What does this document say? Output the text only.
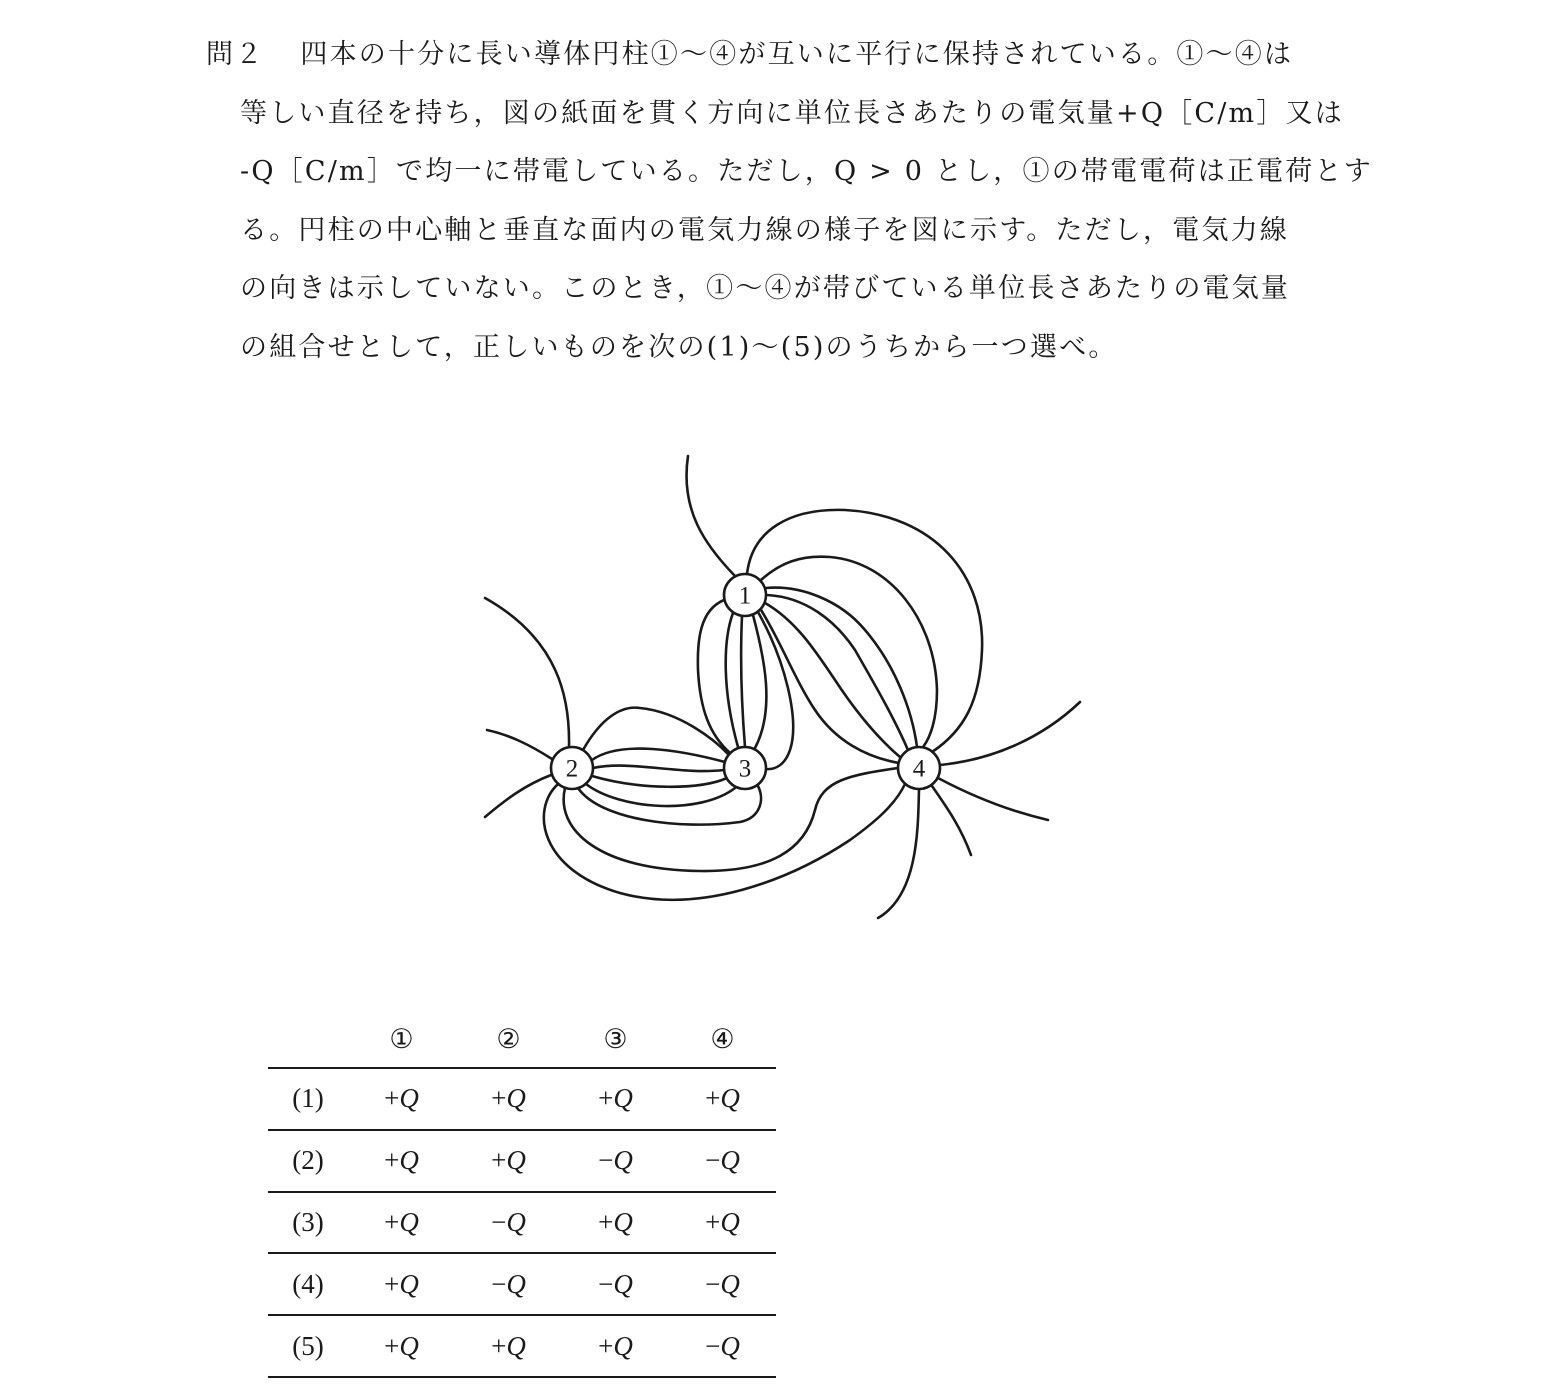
問２ 四本の十分に長い導体円柱①～④が互いに平行に保持されている。①～④は
等しい直径を持ち，図の紙面を貫く方向に単位長さあたりの電気量+Q［C/m］又は
-Q［C/m］で均一に帯電している。ただし，Q > 0 とし，①の帯電電荷は正電荷とす
る。円柱の中心軸と垂直な面内の電気力線の様子を図に示す。ただし，電気力線
の向きは示していない。このとき，①～④が帯びている単位長さあたりの電気量
の組合せとして，正しいものを次の(1)～(5)のうちから一つ選べ。
1
2	3	4
	①	②	③	④
(1)	+Q	+Q	+Q	+Q
(2)	+Q	+Q	−Q	−Q
(3)	+Q	−Q	+Q	+Q
(4)	+Q	−Q	−Q	−Q
(5)	+Q	+Q	+Q	−Q
